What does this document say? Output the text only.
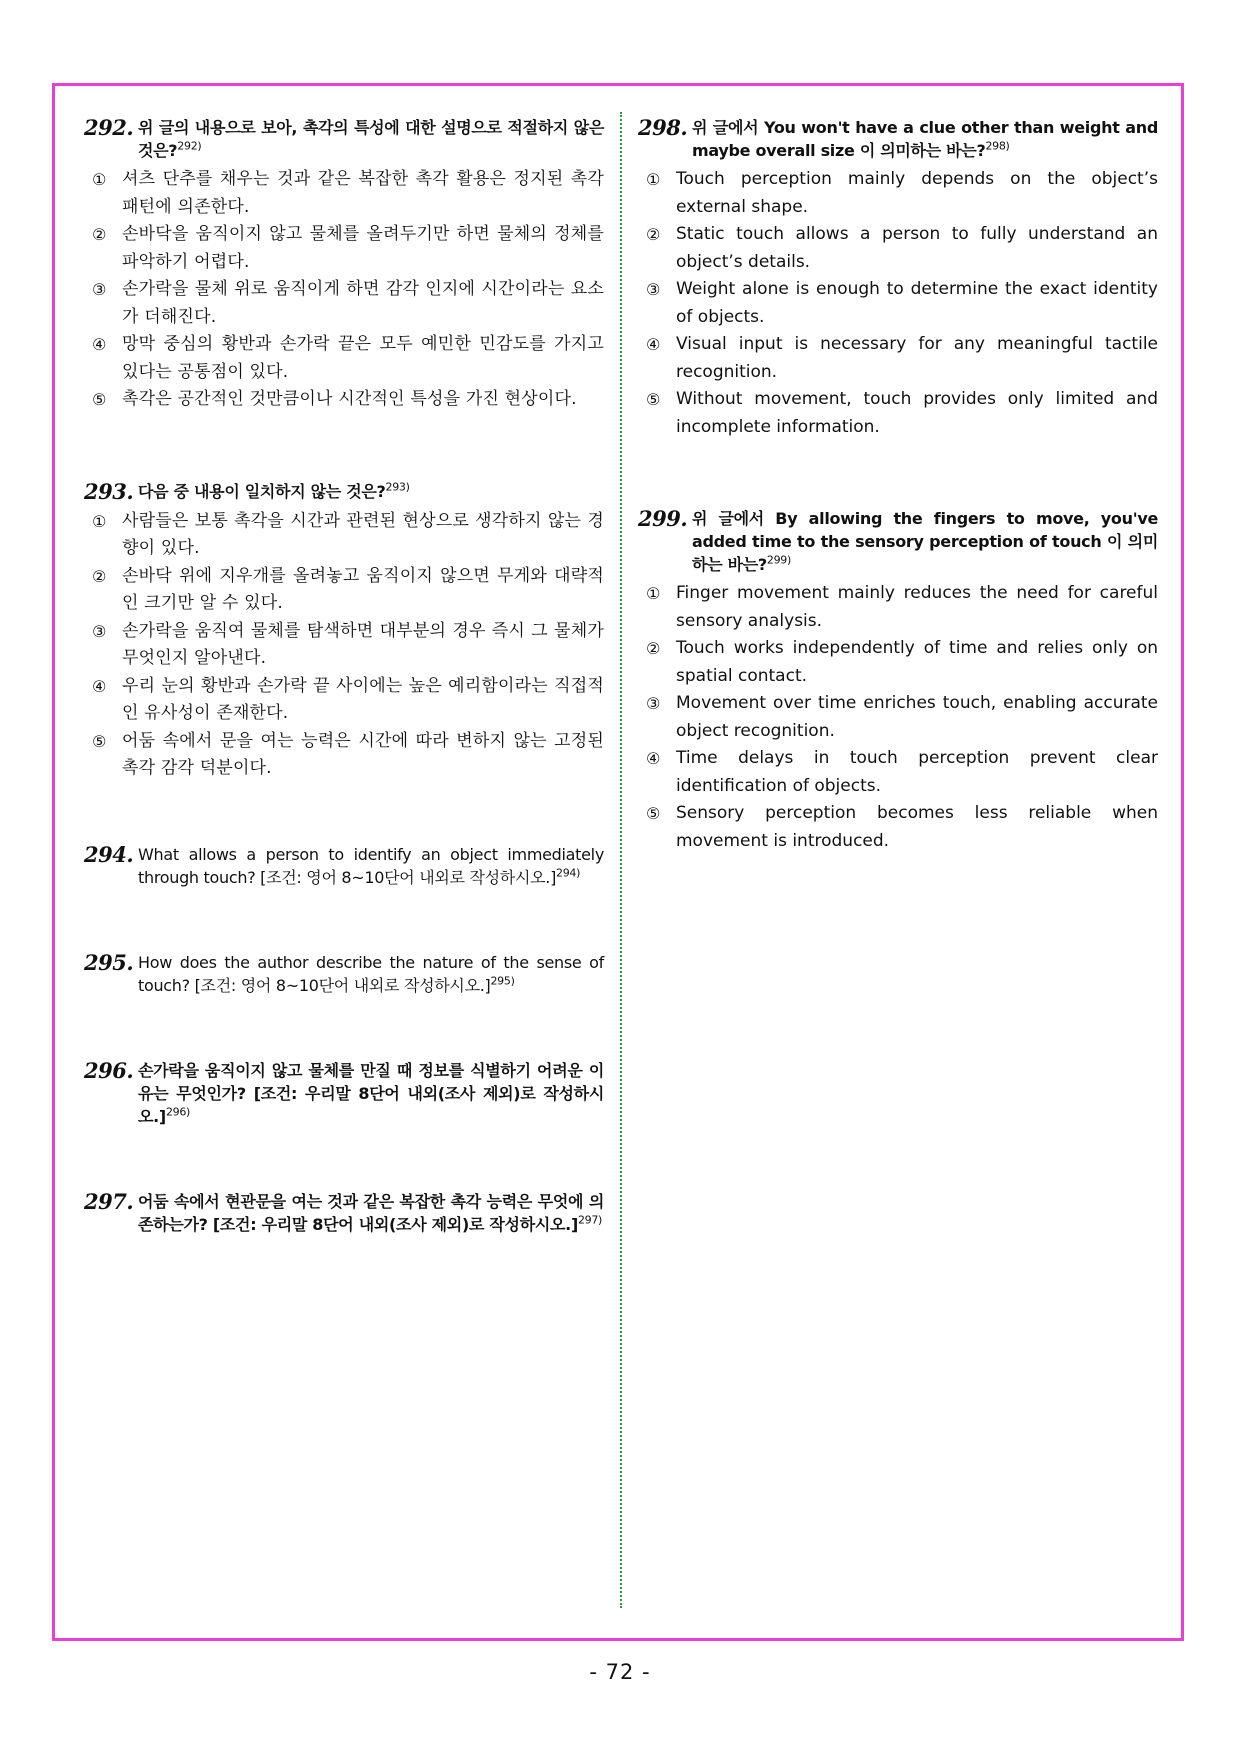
292. 위 글의 내용으로 보아, 촉각의 특성에 대한 설명으로 적절하지 않은 것은?$^{292)}$
① 셔츠 단추를 채우는 것과 같은 복잡한 촉각 활용은 정지된 촉각 패턴에 의존한다.
② 손바닥을 움직이지 않고 물체를 올려두기만 하면 물체의 정체를 파악하기 어렵다.
③ 손가락을 물체 위로 움직이게 하면 감각 인지에 시간이라는 요소가 더해진다.
④ 망막 중심의 황반과 손가락 끝은 모두 예민한 민감도를 가지고 있다는 공통점이 있다.
⑤ 촉각은 공간적인 것만큼이나 시간적인 특성을 가진 현상이다.
293. 다음 중 내용이 일치하지 않는 것은?$^{293)}$
① 사람들은 보통 촉각을 시간과 관련된 현상으로 생각하지 않는 경향이 있다.
② 손바닥 위에 지우개를 올려놓고 움직이지 않으면 무게와 대략적인 크기만 알 수 있다.
③ 손가락을 움직여 물체를 탐색하면 대부분의 경우 즉시 그 물체가 무엇인지 알아낸다.
④ 우리 눈의 황반과 손가락 끝 사이에는 높은 예리함이라는 직접적인 유사성이 존재한다.
⑤ 어둠 속에서 문을 여는 능력은 시간에 따라 변하지 않는 고정된 촉각 감각 덕분이다.
294. What allows a person to identify an object immediately through touch? [조건: 영어 8~10단어 내외로 작성하시오.]$^{294)}$
295. How does the author describe the nature of the sense of touch? [조건: 영어 8~10단어 내외로 작성하시오.]$^{295)}$
296. 손가락을 움직이지 않고 물체를 만질 때 정보를 식별하기 어려운 이유는 무엇인가? [조건: 우리말 8단어 내외(조사 제외)로 작성하시오.]$^{296)}$
297. 어둠 속에서 현관문을 여는 것과 같은 복잡한 촉각 능력은 무엇에 의존하는가? [조건: 우리말 8단어 내외(조사 제외)로 작성하시오.]$^{297)}$
298. 위 글에서 You won't have a clue other than weight and maybe overall size 이 의미하는 바는?$^{298)}$
① Touch perception mainly depends on the object’s external shape.
② Static touch allows a person to fully understand an object’s details.
③ Weight alone is enough to determine the exact identity of objects.
④ Visual input is necessary for any meaningful tactile recognition.
⑤ Without movement, touch provides only limited and incomplete information.
299. 위 글에서 By allowing the fingers to move, you've added time to the sensory perception of touch 이 의미하는 바는?$^{299)}$
① Finger movement mainly reduces the need for careful sensory analysis.
② Touch works independently of time and relies only on spatial contact.
③ Movement over time enriches touch, enabling accurate object recognition.
④ Time delays in touch perception prevent clear identification of objects.
⑤ Sensory perception becomes less reliable when movement is introduced.
- 72 -
